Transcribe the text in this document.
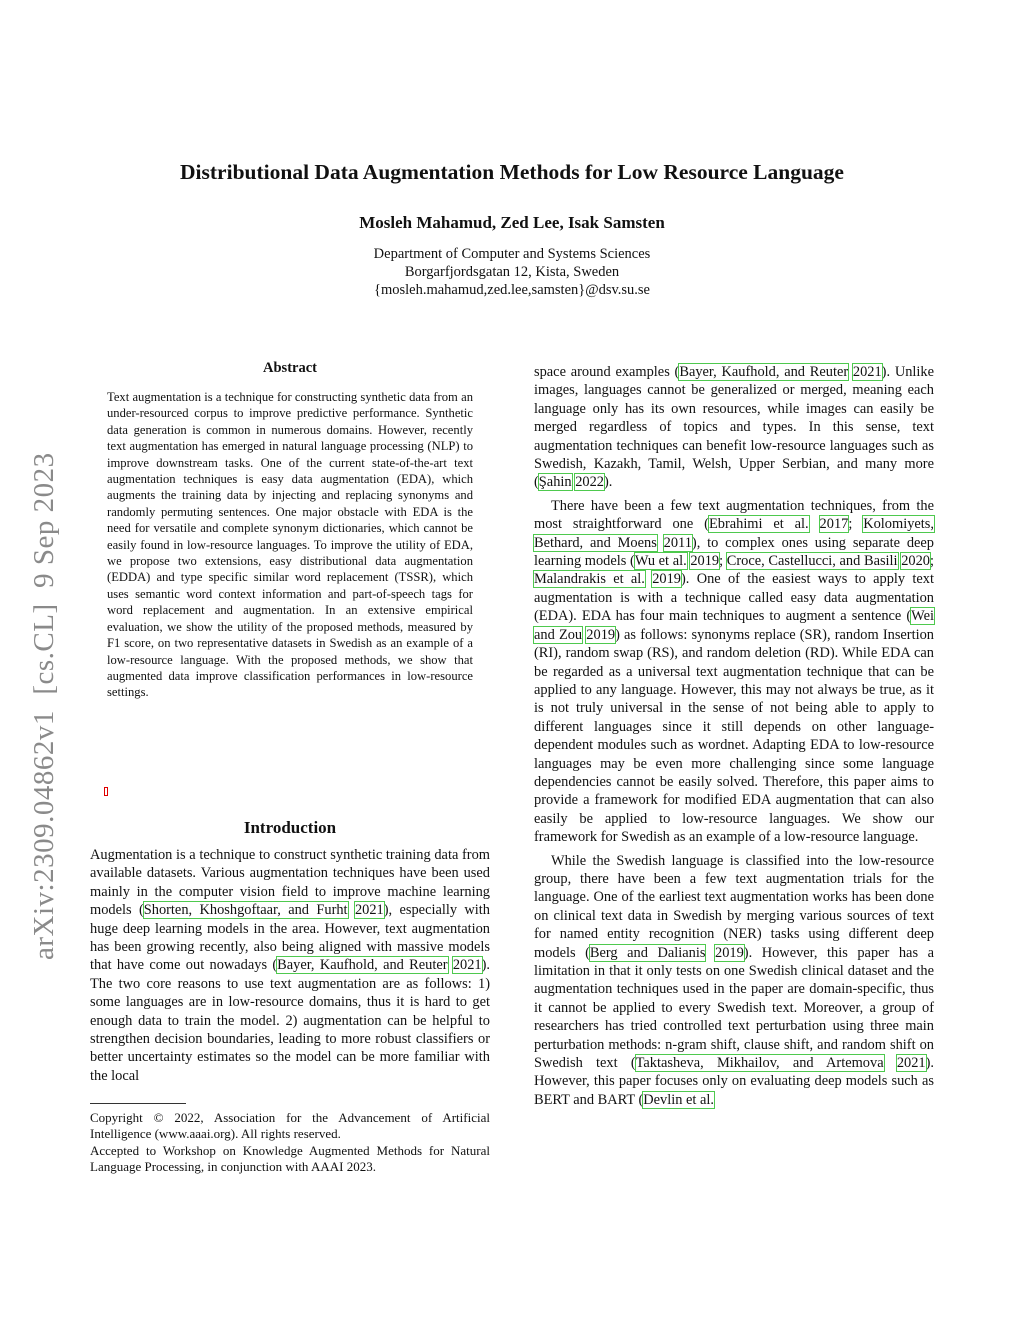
arXiv:2309.04862v1  [cs.CL]  9 Sep 2023
Distributional Data Augmentation Methods for Low Resource Language
Mosleh Mahamud, Zed Lee, Isak Samsten
Department of Computer and Systems Sciences
Borgarfjordsgatan 12, Kista, Sweden
{mosleh.mahamud,zed.lee,samsten}@dsv.su.se
Abstract

Text augmentation is a technique for constructing synthetic data from an under-resourced corpus to improve predictive performance. Synthetic data generation is common in numerous domains. However, recently text augmentation has emerged in natural language processing (NLP) to improve downstream tasks. One of the current state-of-the-art text augmentation techniques is easy data augmentation (EDA), which augments the training data by injecting and replacing synonyms and randomly permuting sentences. One major obstacle with EDA is the need for versatile and complete synonym dictionaries, which cannot be easily found in low-resource languages. To improve the utility of EDA, we propose two extensions, easy distributional data augmentation (EDDA) and type specific similar word replacement (TSSR), which uses semantic word context information and part-of-speech tags for word replacement and augmentation. In an extensive empirical evaluation, we show the utility of the proposed methods, measured by F1 score, on two representative datasets in Swedish as an example of a low-resource language. With the proposed methods, we show that augmented data improve classification performances in low-resource settings.

Introduction

Augmentation is a technique to construct synthetic training data from available datasets. Various augmentation techniques have been used mainly in the computer vision field to improve machine learning models (Shorten, Khoshgoftaar, and Furht 2021), especially with huge deep learning models in the area. However, text augmentation has been growing recently, also being aligned with massive models that have come out nowadays (Bayer, Kaufhold, and Reuter 2021). The two core reasons to use text augmentation are as follows: 1) some languages are in low-resource domains, thus it is hard to get enough data to train the model. 2) augmentation can be helpful to strengthen decision boundaries, leading to more robust classifiers or better uncertainty estimates so the model can be more familiar with the local

Copyright © 2022, Association for the Advancement of Artificial Intelligence (www.aaai.org). All rights reserved.

Accepted to Workshop on Knowledge Augmented Methods for Natural Language Processing, in conjunction with AAAI 2023.

space around examples (Bayer, Kaufhold, and Reuter 2021). Unlike images, languages cannot be generalized or merged, meaning each language only has its own resources, while images can easily be merged regardless of topics and types. In this sense, text augmentation techniques can benefit low-resource languages such as Swedish, Kazakh, Tamil, Welsh, Upper Serbian, and many more (Şahin 2022).

There have been a few text augmentation techniques, from the most straightforward one (Ebrahimi et al. 2017; Kolomiyets, Bethard, and Moens 2011), to complex ones using separate deep learning models (Wu et al. 2019; Croce, Castellucci, and Basili 2020; Malandrakis et al. 2019). One of the easiest ways to apply text augmentation is with a technique called easy data augmentation (EDA). EDA has four main techniques to augment a sentence (Wei and Zou 2019) as follows: synonyms replace (SR), random Insertion (RI), random swap (RS), and random deletion (RD). While EDA can be regarded as a universal text augmentation technique that can be applied to any language. However, this may not always be true, as it is not truly universal in the sense of not being able to apply to different languages since it still depends on other language-dependent modules such as wordnet. Adapting EDA to low-resource languages may be even more challenging since some language dependencies cannot be easily solved. Therefore, this paper aims to provide a framework for modified EDA augmentation that can also easily be applied to low-resource languages. We show our framework for Swedish as an example of a low-resource language.

While the Swedish language is classified into the low-resource group, there have been a few text augmentation trials for the language. One of the earliest text augmentation works has been done on clinical text data in Swedish by merging various sources of text for named entity recognition (NER) tasks using different deep models (Berg and Dalianis 2019). However, this paper has a limitation in that it only tests on one Swedish clinical dataset and the augmentation techniques used in the paper are domain-specific, thus it cannot be applied to every Swedish text. Moreover, a group of researchers has tried controlled text perturbation using three main perturbation methods: n-gram shift, clause shift, and random shift on Swedish text (Taktasheva, Mikhailov, and Artemova 2021). However, this paper focuses only on evaluating deep models such as BERT and BART (Devlin et al.
